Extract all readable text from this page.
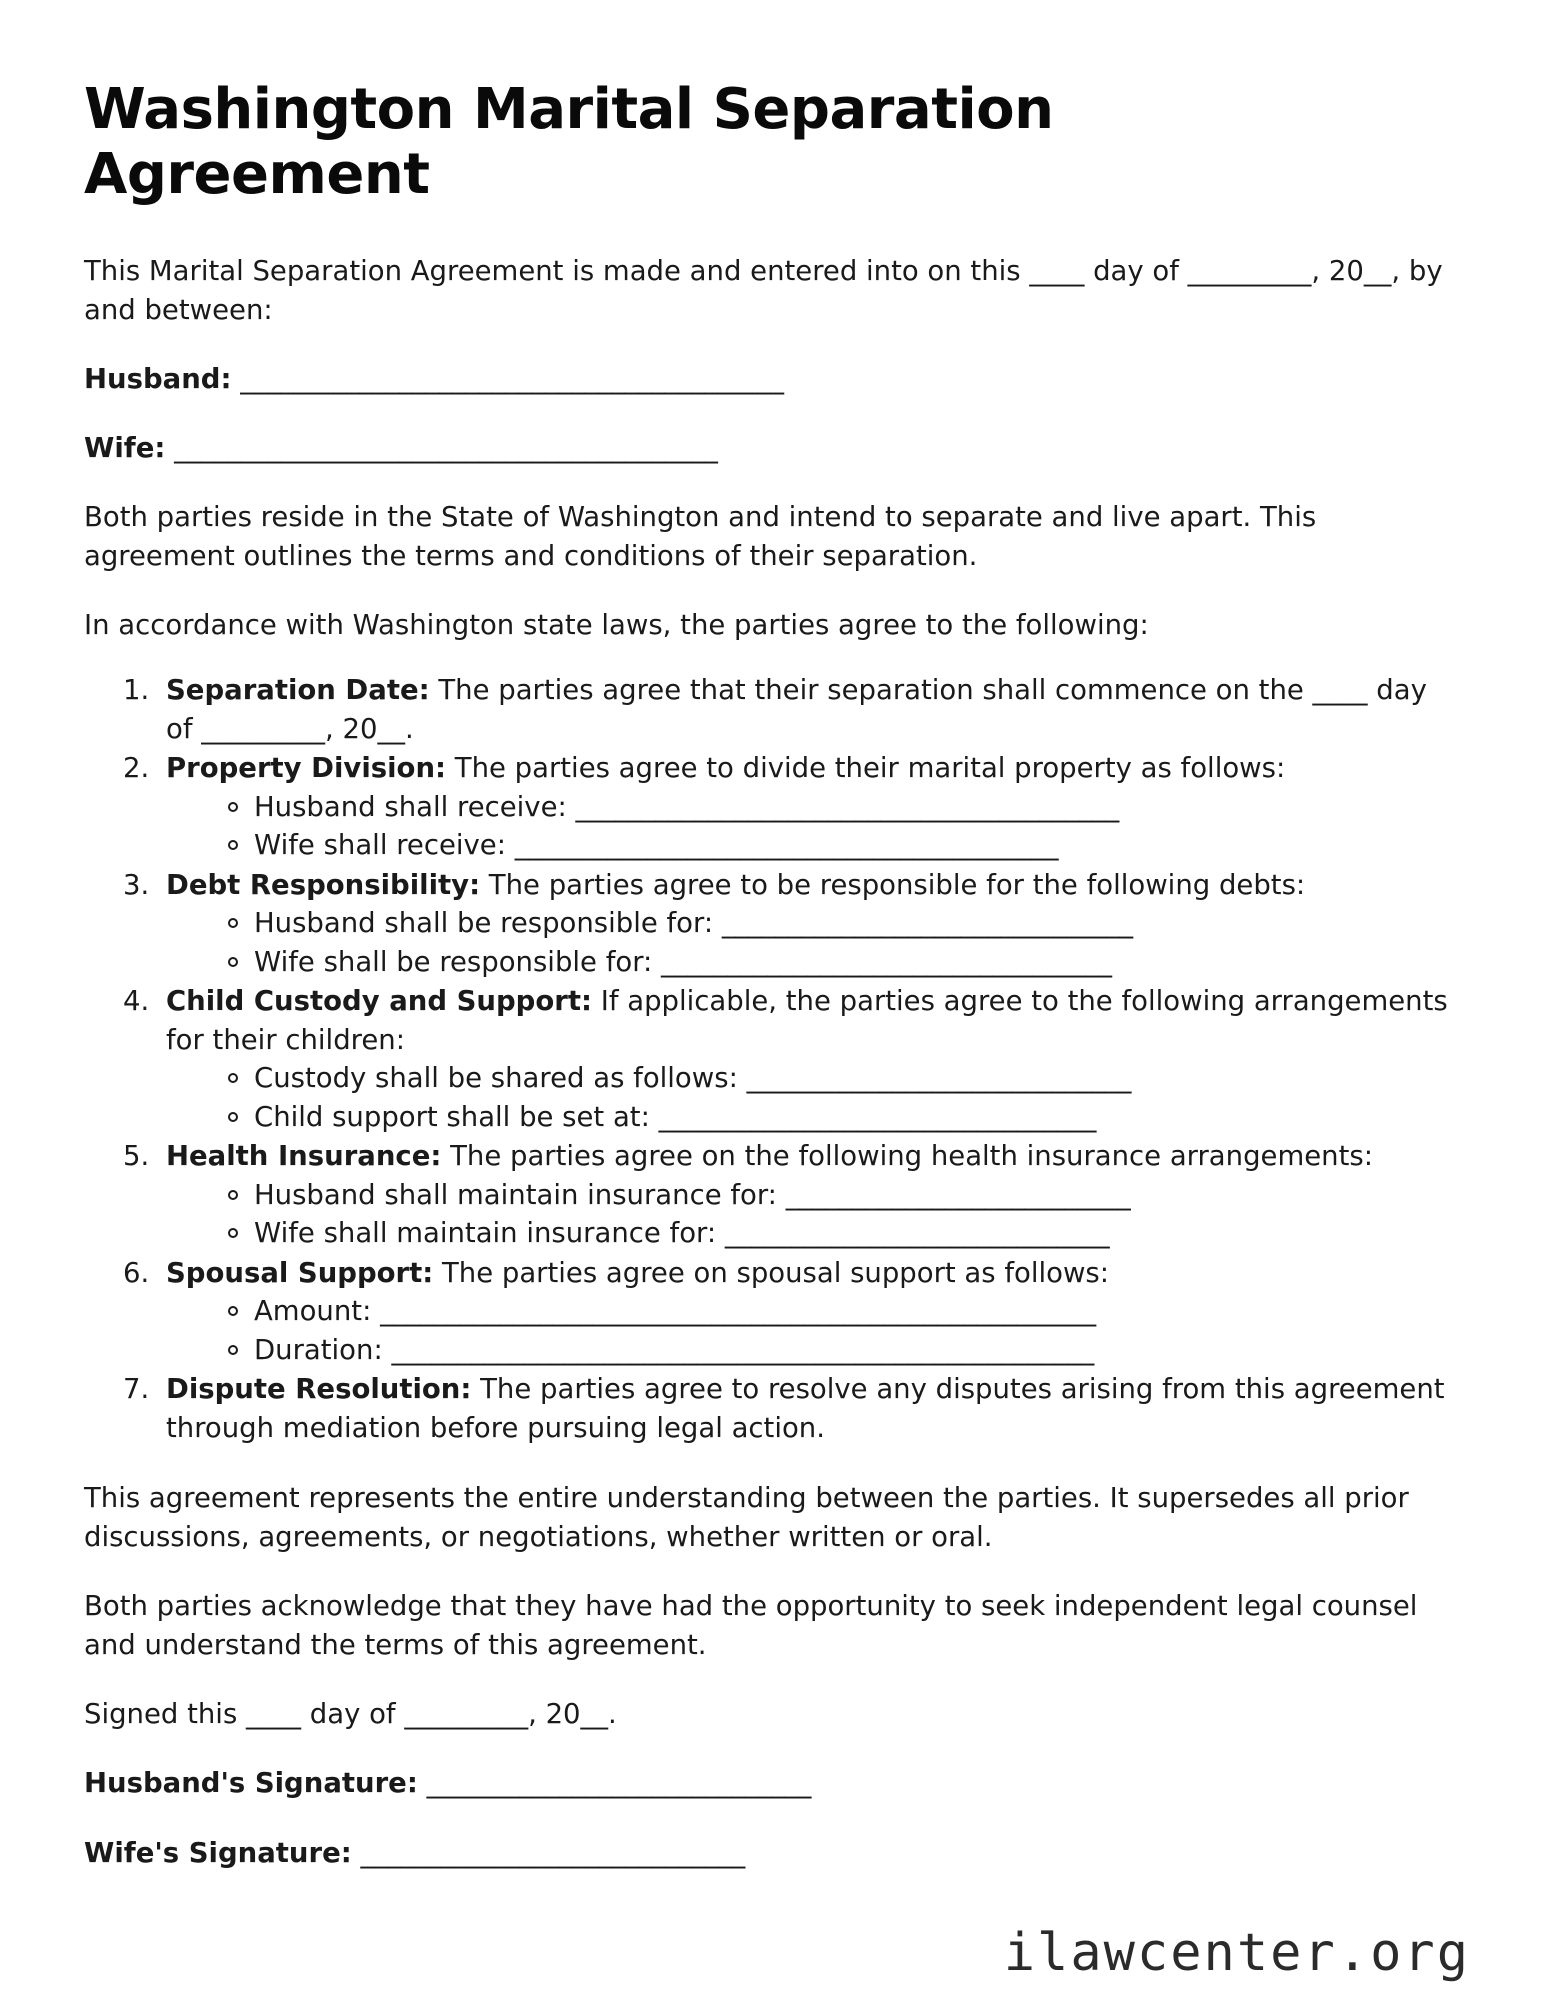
Washington Marital Separation Agreement

This Marital Separation Agreement is made and entered into on this ____ day of _________, 20__, by and between:

Husband: _________________________________________
Wife: _________________________________________

Both parties reside in the State of Washington and intend to separate and live apart. This agreement outlines the terms and conditions of their separation.

In accordance with Washington state laws, the parties agree to the following:

1. Separation Date: The parties agree that their separation shall commence on the ____ day of _________, 20__.
2. Property Division: The parties agree to divide their marital property as follows:
Husband shall receive: _________________________________________
Wife shall receive: _________________________________________
3. Debt Responsibility: The parties agree to be responsible for the following debts:
Husband shall be responsible for: _______________________________
Wife shall be responsible for: __________________________________
4. Child Custody and Support: If applicable, the parties agree to the following arrangements for their children:
Custody shall be shared as follows: _____________________________
Child support shall be set at: _________________________________
5. Health Insurance: The parties agree on the following health insurance arrangements:
Husband shall maintain insurance for: __________________________
Wife shall maintain insurance for: _____________________________
6. Spousal Support: The parties agree on spousal support as follows:
Amount: ______________________________________________________
Duration: _____________________________________________________
7. Dispute Resolution: The parties agree to resolve any disputes arising from this agreement through mediation before pursuing legal action.

This agreement represents the entire understanding between the parties. It supersedes all prior discussions, agreements, or negotiations, whether written or oral.

Both parties acknowledge that they have had the opportunity to seek independent legal counsel and understand the terms of this agreement.

Signed this ____ day of _________, 20__.

Husband's Signature: _____________________________
Wife's Signature: _____________________________
ilawcenter.org
